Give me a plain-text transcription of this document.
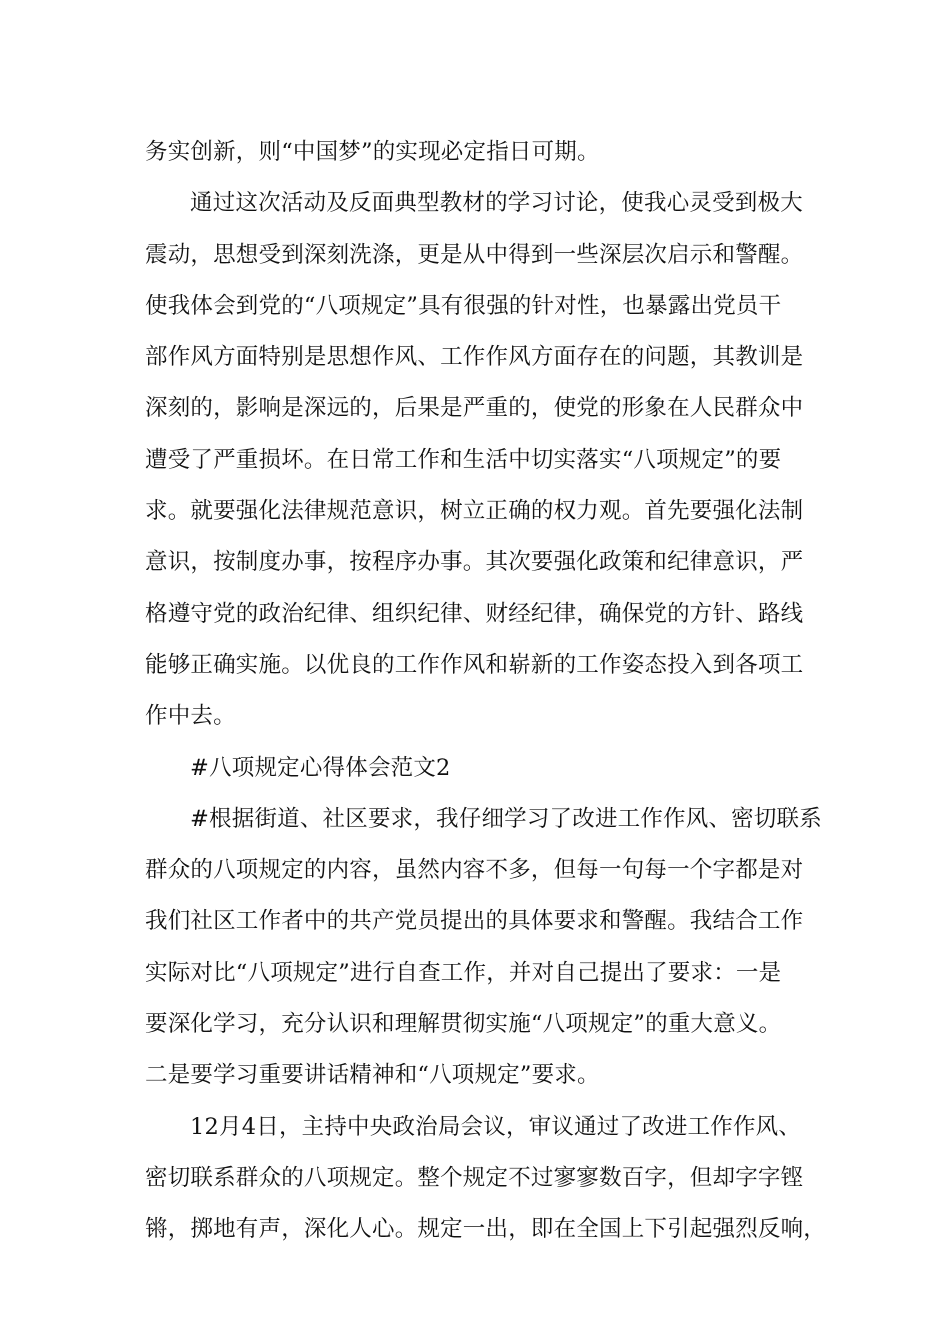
务实创新，则“中国梦”的实现必定指日可期。

通过这次活动及反面典型教材的学习讨论，使我心灵受到极大
震动，思想受到深刻洗涤，更是从中得到一些深层次启示和警醒。
使我体会到党的“八项规定”具有很强的针对性，也暴露出党员干
部作风方面特别是思想作风、工作作风方面存在的问题，其教训是
深刻的，影响是深远的，后果是严重的，使党的形象在人民群众中
遭受了严重损坏。在日常工作和生活中切实落实“八项规定”的要
求。就要强化法律规范意识，树立正确的权力观。首先要强化法制
意识，按制度办事，按程序办事。其次要强化政策和纪律意识，严
格遵守党的政治纪律、组织纪律、财经纪律，确保党的方针、路线
能够正确实施。以优良的工作作风和崭新的工作姿态投入到各项工
作中去。

#八项规定心得体会范文2

#根据街道、社区要求，我仔细学习了改进工作作风、密切联系
群众的八项规定的内容，虽然内容不多，但每一句每一个字都是对
我们社区工作者中的共产党员提出的具体要求和警醒。我结合工作
实际对比“八项规定”进行自查工作，并对自己提出了要求：一是
要深化学习，充分认识和理解贯彻实施“八项规定”的重大意义。
二是要学习重要讲话精神和“八项规定”要求。

12月4日，主持中央政治局会议，审议通过了改进工作作风、
密切联系群众的八项规定。整个规定不过寥寥数百字，但却字字铿
锵，掷地有声，深化人心。规定一出，即在全国上下引起强烈反响，
